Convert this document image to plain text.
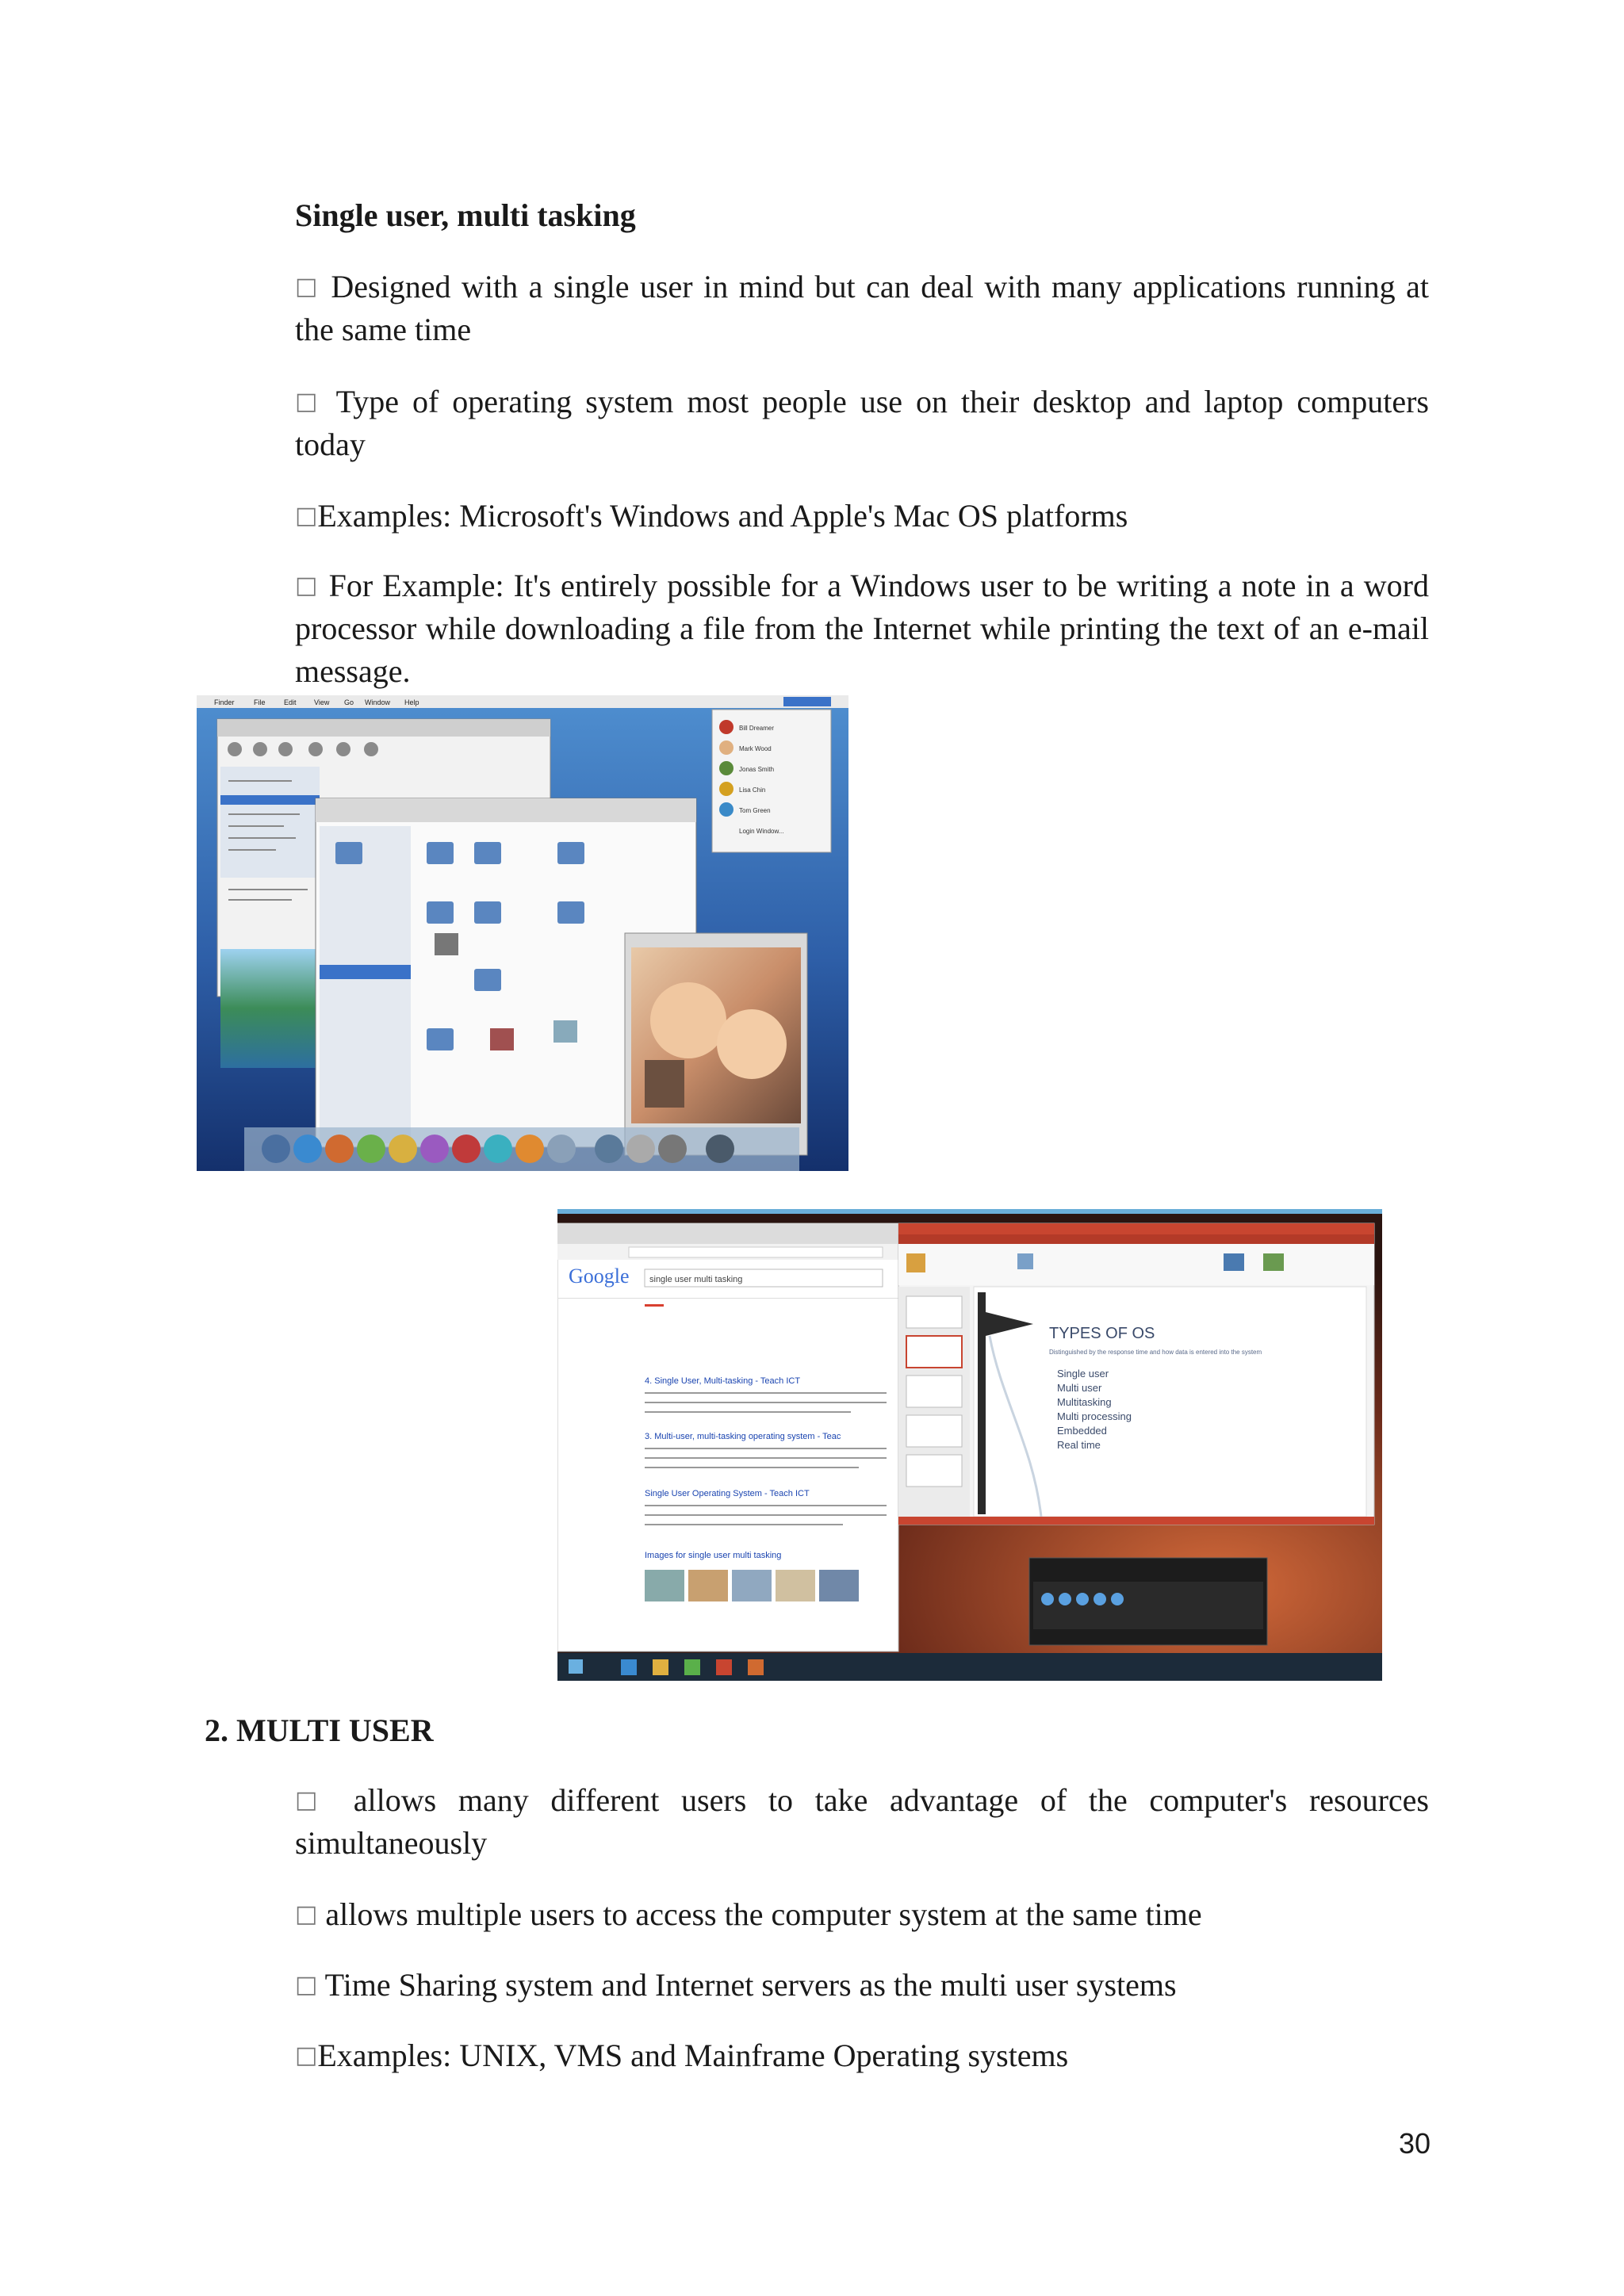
Single user, multi tasking

□ Designed with a single user in mind but can deal with many applications running at the same time

□ Type of operating system most people use on their desktop and laptop computers today

□Examples: Microsoft's Windows and Apple's Mac OS platforms

□ For Example: It's entirely possible for a Windows user to be writing a note in a word processor while downloading a file from the Internet while printing the text of an e-mail message.

Finder	File	Edit View Go Window Help
Bill Dreamer
Mark Wood
Jonas Smith
Lisa Chin
Tom Green
Login Window...
Google single user multi tasking
4. Single User, Multi-tasking - Teach ICT
3. Multi-user, multi-tasking operating system - Teac
Single User Operating System - Teach ICT
Images for single user multi tasking
TYPES OF OS
Distinguished by the response time and how data is entered into the system
Single user
Multi user
Multitasking
Multi processing
Embedded
Real time
2. MULTI USER

□ allows many different users to take advantage of the computer's resources simultaneously

□ allows multiple users to access the computer system at the same time

□ Time Sharing system and Internet servers as the multi user systems

□Examples: UNIX, VMS and Mainframe Operating systems

30
